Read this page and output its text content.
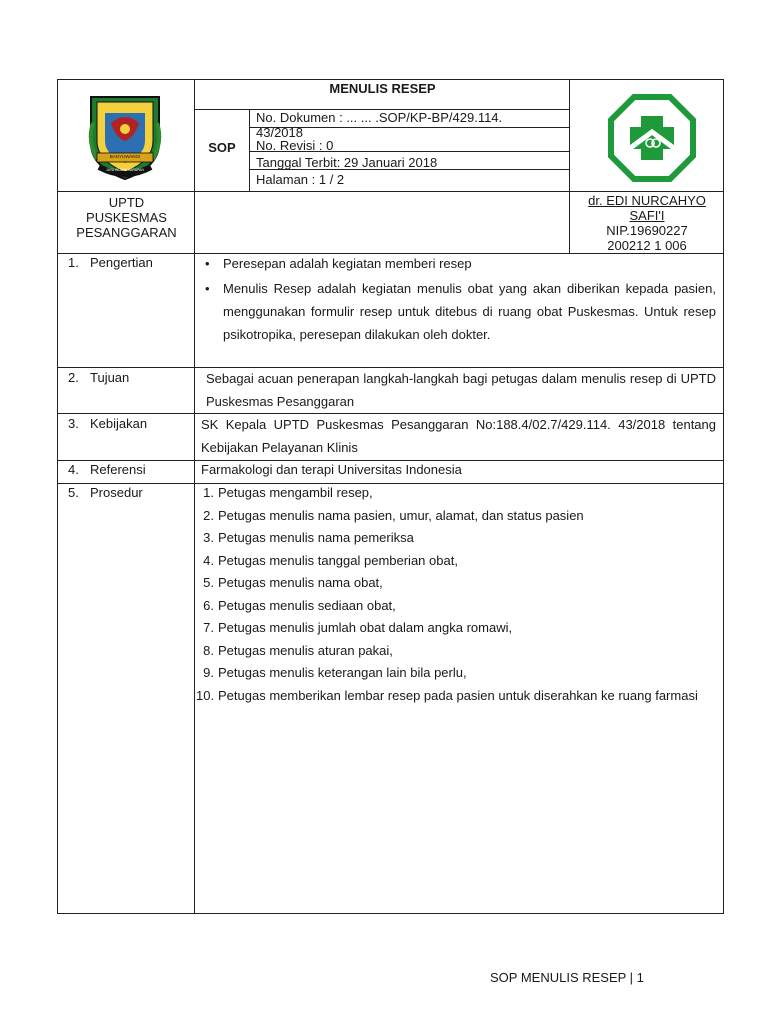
BANYUWANGI
JAYA WIJAYA HARAPAN
MENULIS RESEP
SOP
No. Dokumen : ... ... .SOP/KP-BP/429.114.
43/2018
No. Revisi : 0
Tanggal Terbit: 29 Januari 2018
Halaman : 1 / 2
UPTD
PUSKESMAS
PESANGGARAN
dr. EDI NURCAHYO
SAFI'I
NIP.19690227
200212 1 006
1. Pengertian
•	Peresepan adalah kegiatan memberi resep
• Menulis Resep adalah kegiatan menulis obat yang akan diberikan kepada pasien, menggunakan formulir resep untuk ditebus di ruang obat Puskesmas. Untuk resep psikotropika, peresepan dilakukan oleh dokter.
2. Tujuan	Sebagai acuan penerapan langkah-langkah bagi petugas dalam menulis resep di UPTD Puskesmas Pesanggaran
3. Kebijakan	SK Kepala UPTD Puskesmas Pesanggaran No:188.4/02.7/429.114. 43/2018 tentang Kebijakan Pelayanan Klinis
4. Referensi	Farmakologi dan terapi Universitas Indonesia
5. Prosedur	1. Petugas mengambil resep,
2. Petugas menulis nama pasien, umur, alamat, dan status pasien
3. Petugas menulis nama pemeriksa
4. Petugas menulis tanggal pemberian obat,
5. Petugas menulis nama obat,
6. Petugas menulis sediaan obat,
7. Petugas menulis jumlah obat dalam angka romawi,
8. Petugas menulis aturan pakai,
9. Petugas menulis keterangan lain bila perlu,
10. Petugas memberikan lembar resep pada pasien untuk diserahkan ke ruang farmasi
SOP MENULIS RESEP | 1
